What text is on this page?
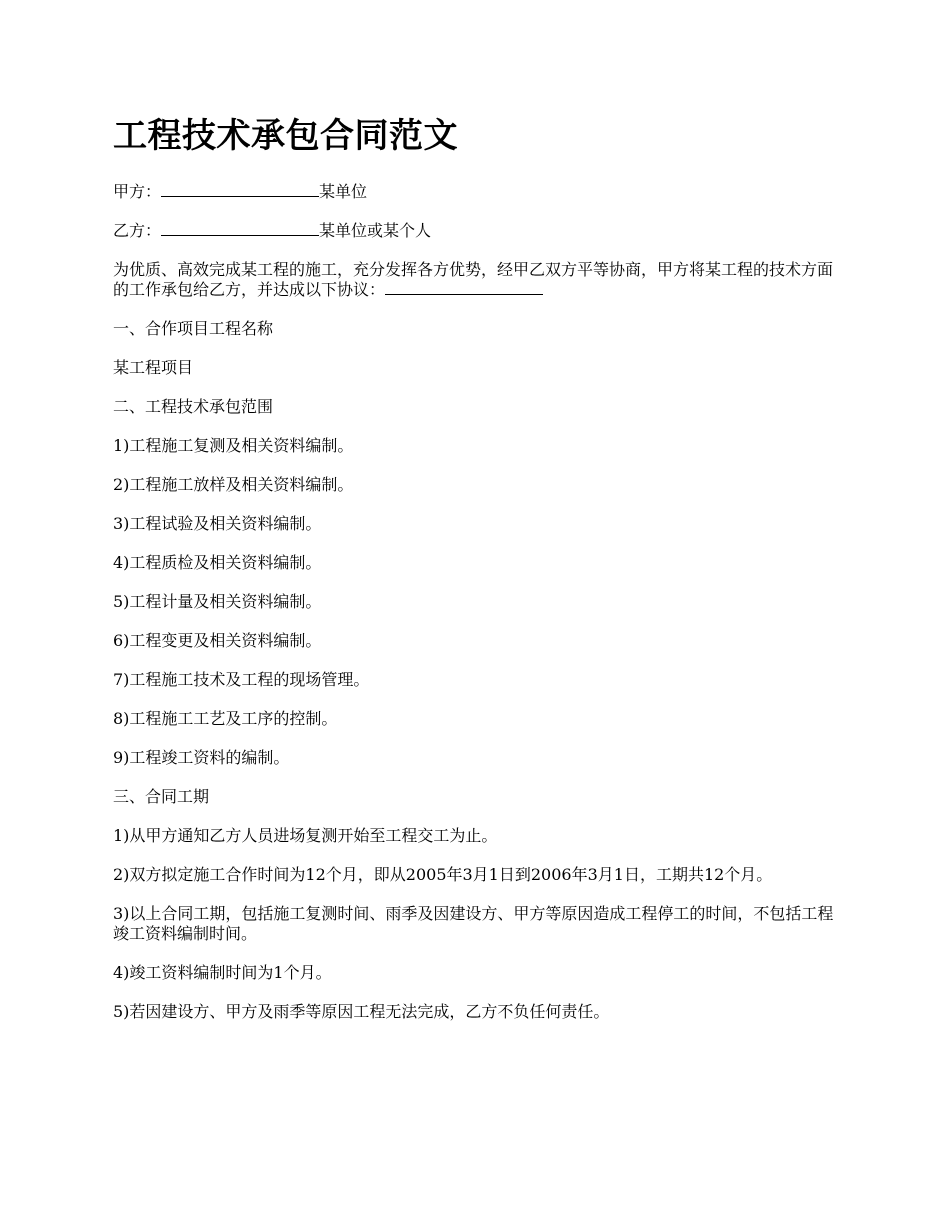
工程技术承包合同范文

甲方：	某单位

乙方：	某单位或某个人

为优质、高效完成某工程的施工，充分发挥各方优势，经甲乙双方平等协商，甲方将某工程的技术方面的工作承包给乙方，并达成以下协议：

一、合作项目工程名称

某工程项目

二、工程技术承包范围

1)工程施工复测及相关资料编制。

2)工程施工放样及相关资料编制。

3)工程试验及相关资料编制。

4)工程质检及相关资料编制。

5)工程计量及相关资料编制。

6)工程变更及相关资料编制。

7)工程施工技术及工程的现场管理。

8)工程施工工艺及工序的控制。

9)工程竣工资料的编制。

三、合同工期

1)从甲方通知乙方人员进场复测开始至工程交工为止。

2)双方拟定施工合作时间为12个月，即从2005年3月1日到2006年3月1日，工期共12个月。

3)以上合同工期，包括施工复测时间、雨季及因建设方、甲方等原因造成工程停工的时间，不包括工程竣工资料编制时间。

4)竣工资料编制时间为1个月。

5)若因建设方、甲方及雨季等原因工程无法完成，乙方不负任何责任。
